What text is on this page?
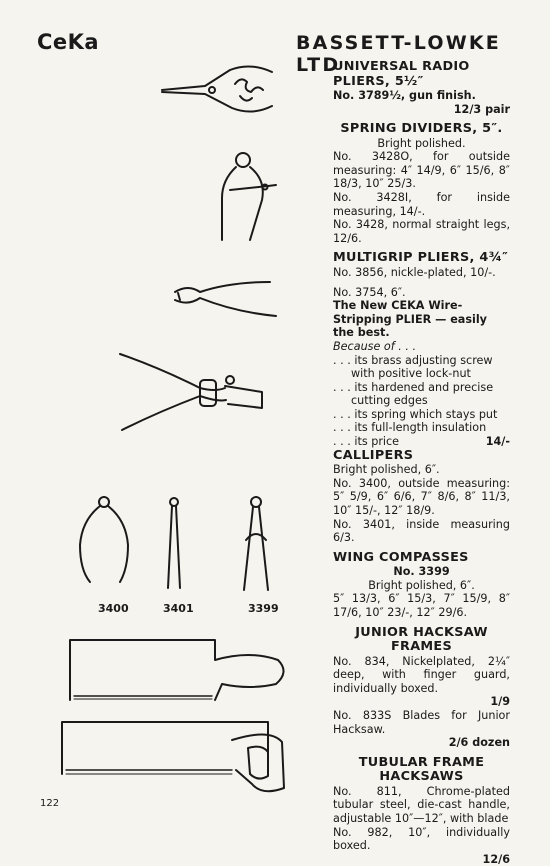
CeKa	BASSETT-LOWKE LTD
3400	3401	3399

UNIVERSAL RADIO PLIERS, 5½″

No. 3789½, gun finish.

12/3 pair

SPRING DIVIDERS, 5″.

Bright polished.

No. 3428O, for outside measuring: 4″ 14/9, 6″ 15/6, 8″ 18/3, 10″ 25/3.

No. 3428I, for inside measuring, 14/-.

No. 3428, normal straight legs, 12/6.

MULTIGRIP PLIERS, 4¾″

No. 3856, nickle-plated, 10/-.

No. 3754, 6″.

The New CEKA Wire-Stripping PLIER — easily the best.

Because of . . .

. . . its brass adjusting screw with positive lock-nut

. . . its hardened and precise cutting edges

. . . its spring which stays put

. . . its full-length insulation

. . . its price	14/-

CALLIPERS

Bright polished, 6″.

No. 3400, outside measuring: 5″ 5/9, 6″ 6/6, 7″ 8/6, 8″ 11/3, 10″ 15/-, 12″ 18/9.

No. 3401, inside measuring 6/3.

WING COMPASSES

No. 3399

Bright polished, 6″.

5″ 13/3, 6″ 15/3, 7″ 15/9, 8″ 17/6, 10″ 23/-, 12″ 29/6.

JUNIOR HACKSAW

FRAMES

No. 834, Nickelplated, 2¼″ deep, with finger guard, individually boxed.

1/9

No. 833S Blades for Junior Hacksaw.

2/6 dozen

TUBULAR FRAME

HACKSAWS

No. 811, Chrome-plated tubular steel, die-cast handle, adjustable 10″—12″, with blade

No. 982, 10″, individually boxed.

12/6

122
